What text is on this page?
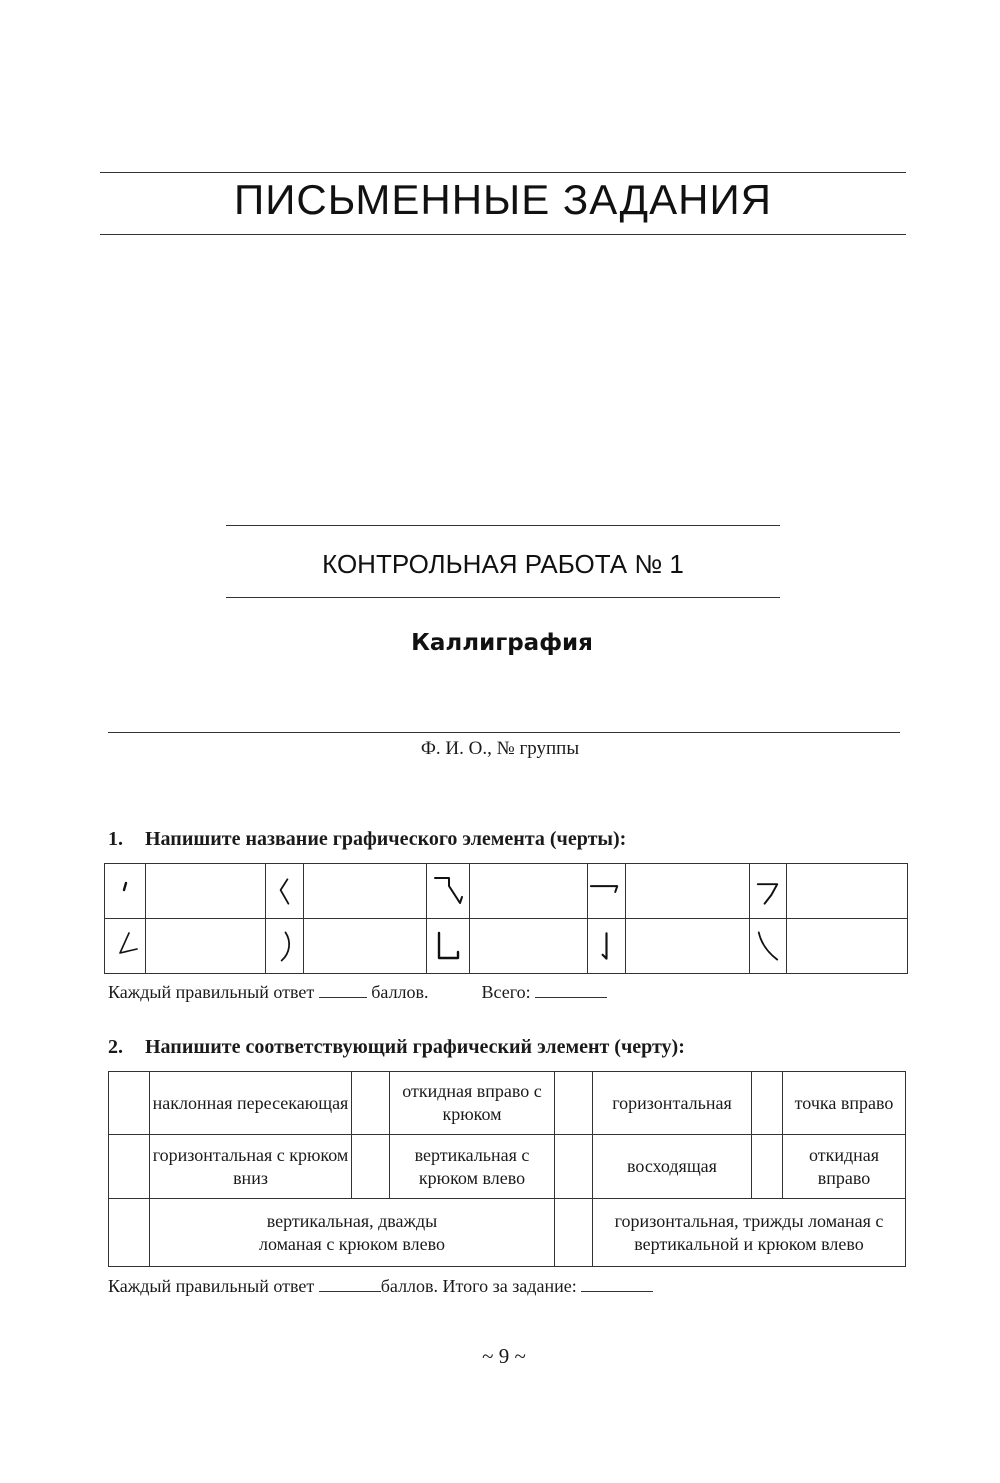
ПИСЬМЕННЫЕ ЗАДАНИЯ
КОНТРОЛЬНАЯ РАБОТА № 1
Каллиграфия
Ф. И. О., № группы
1. Напишите название графического элемента (черты):

Каждый правильный ответ	баллов.	Всего:
2. Напишите соответствующий графический элемент (черту):
	наклонная пересекающая		откидная вправо с крюком		горизонтальная		точка вправо
	горизонтальная с крюком вниз		вертикальная с крюком влево		восходящая		откидная вправо
	вертикальная, дважды ломаная с крюком влево				горизонтальная, трижды ломаная с вертикальной и крюком влево		
Каждый правильный ответ	баллов. Итого за задание:
~ 9 ~
